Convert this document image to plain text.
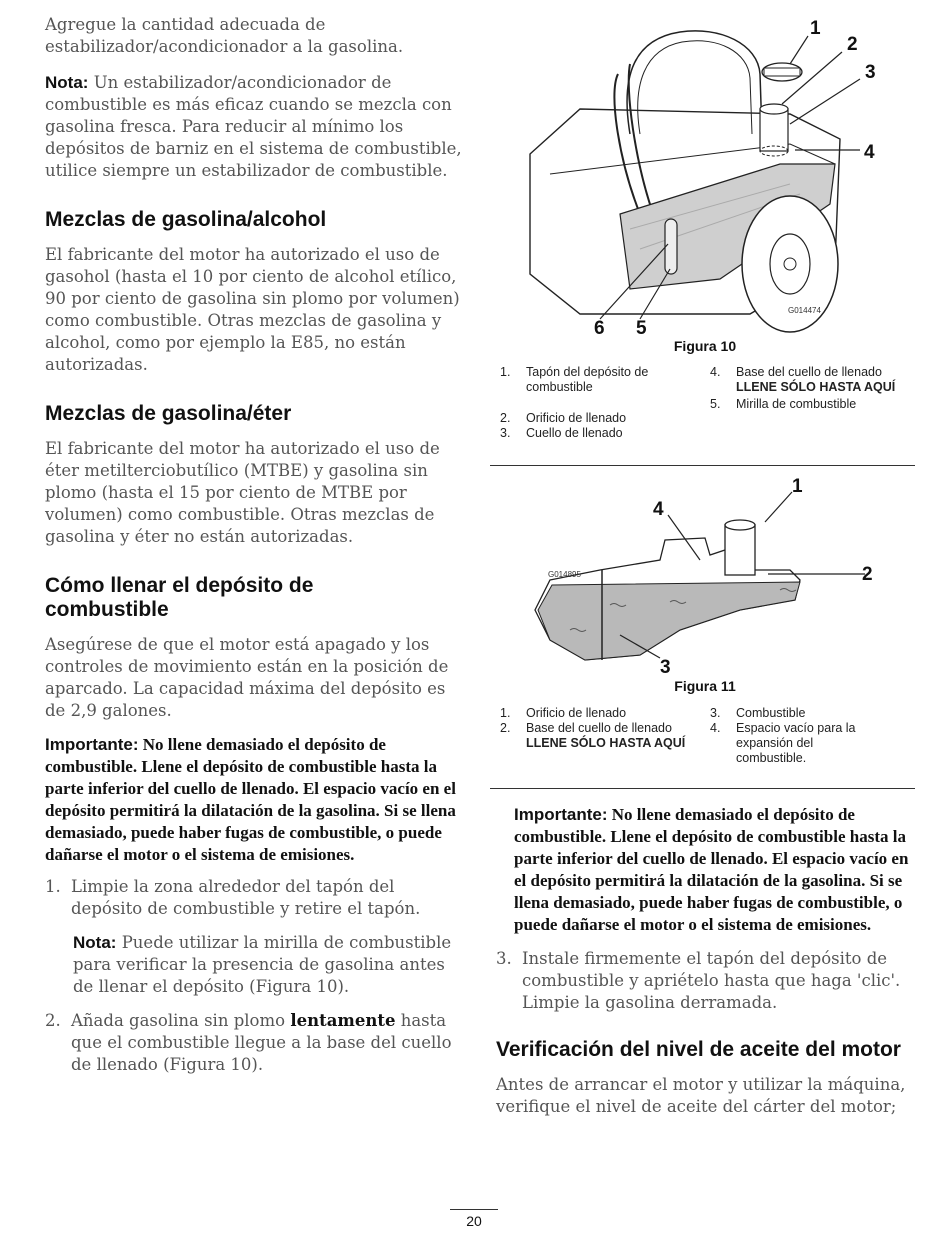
Agregue la cantidad adecuada de estabilizador/acondicionador a la gasolina.

Nota: Un estabilizador/acondicionador de combustible es más eficaz cuando se mezcla con gasolina fresca. Para reducir al mínimo los depósitos de barniz en el sistema de combustible, utilice siempre un estabilizador de combustible.

Mezclas de gasolina/alcohol

El fabricante del motor ha autorizado el uso de gasohol (hasta el 10 por ciento de alcohol etílico, 90 por ciento de gasolina sin plomo por volumen) como combustible. Otras mezclas de gasolina y alcohol, como por ejemplo la E85, no están autorizadas.

Mezclas de gasolina/éter

El fabricante del motor ha autorizado el uso de éter metilterciobutílico (MTBE) y gasolina sin plomo (hasta el 15 por ciento de MTBE por volumen) como combustible. Otras mezclas de gasolina y éter no están autorizadas.

Cómo llenar el depósito de combustible

Asegúrese de que el motor está apagado y los controles de movimiento están en la posición de aparcado. La capacidad máxima del depósito es de 2,9 galones.

Importante: No llene demasiado el depósito de combustible. Llene el depósito de combustible hasta la parte inferior del cuello de llenado. El espacio vacío en el depósito permitirá la dilatación de la gasolina. Si se llena demasiado, puede haber fugas de combustible, o puede dañarse el motor o el sistema de emisiones.

1. Limpie la zona alrededor del tapón del depósito de combustible y retire el tapón.

Nota: Puede utilizar la mirilla de combustible para verificar la presencia de gasolina antes de llenar el depósito (Figura 10).

2. Añada gasolina sin plomo lentamente hasta que el combustible llegue a la base del cuello de llenado (Figura 10).
1
2
3
4
5
6
G014474
Figura 10
1.	Tapón del depósito de combustible
2.	Orificio de llenado
3.	Cuello de llenado
4.	Base del cuello de llenado
LLENE SÓLO HASTA AQUÍ
5.	Mirilla de combustible
1
2
3
4
G014895
Figura 11
1.	Orificio de llenado
2.	Base del cuello de llenado
LLENE SÓLO HASTA AQUÍ
3.	Combustible
4.	Espacio vacío para la expansión del combustible.

Importante: No llene demasiado el depósito de combustible. Llene el depósito de combustible hasta la parte inferior del cuello de llenado. El espacio vacío en el depósito permitirá la dilatación de la gasolina. Si se llena demasiado, puede haber fugas de combustible, o puede dañarse el motor o el sistema de emisiones.

3. Instale firmemente el tapón del depósito de combustible y apriételo hasta que haga 'clic'. Limpie la gasolina derramada.
Verificación del nivel de aceite del motor

Antes de arrancar el motor y utilizar la máquina, verifique el nivel de aceite del cárter del motor;

20
